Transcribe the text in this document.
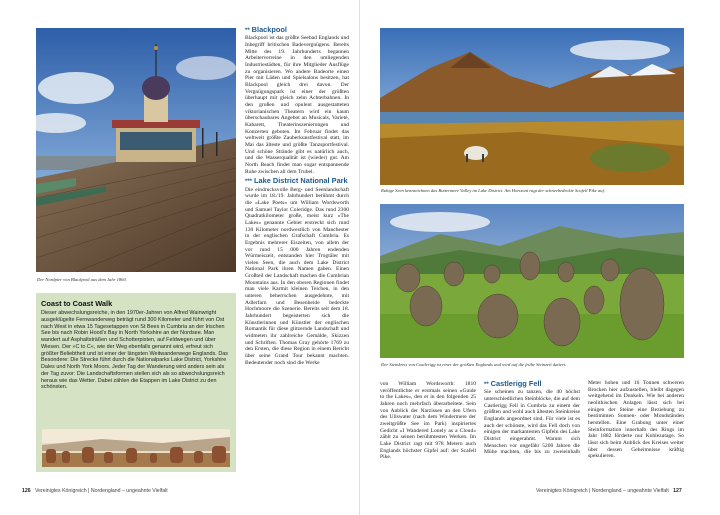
Der Nordpier von Blackpool aus dem Jahr 1860.
Coast to Coast Walk

Dieser abwechslungsreiche, in den 1970er-Jahren von Alfred Wainwright ausgeklügelte Fernwanderweg beträgt rund 300 Kilometer und führt von Ost nach West in etwa 15 Tagesetappen von St Bees in Cumbria an der Irischen See bis nach Robin Hood's Bay in North Yorkshire an der Nordsee. Man wandert auf Asphaltsträßen und Schotterpisten, auf Feldwegen und über Wiesen. Der »C to C«, wie der Weg ebenfalls genannt wird, erfreut sich größter Beliebtheit und ist einer der längsten Weitwanderwege Englands. Das Besondere: Die Strecke führt durch die Nationalparks Lake District, Yorkshire Dales und North York Moors. Jeder Tag der Wanderung wird anders sein als der Tag zuvor: Die Landschaftsformen stellen sich als so abwechslungsreich heraus wie das Wetter. Dabei zählen die Etappen im Lake District zu den schönsten.

** Blackpool

Blackpool ist das größte Seebad Englands und Inbegriff britischen Badevergnügens. Bereits Mitte des 19. Jahrhunderts begannen Arbeiterverreine in den umliegenden Industriestädten, für ihre Mitglieder Ausflüge zu organisieren. Wo andere Badeorte einen Pier mit Läden und Spielsalons besitzen, hat Blackpool gleich drei davon. Der Vergnügungspark ist einer der größten überhaupt mit gleich zehn Achterbahnen. In den großen und opulent ausgestatteten viktorianischen Theatern wird ein kaum überschaubares Angebot an Musicals, Varieté, Kabarett, Theaterinszenierungen und Konzerten geboten. Im Februar findet das weltweit größte Zauberkunstfestival statt, im Mai das älteste und größte Tanzsportfestival. Und schöne Strände gibt es natürlich auch, und die Wasserqualität ist (wieder) gut. Am North Beach findet man sogar entspannende Ruhe zwischen all dem Trubel.

*** Lake District National Park

Die eindrucksvolle Berg- und Seenlandschaft wurde im 18./19. Jahrhundert berühmt durch die »Lake Poets« um William Wordsworth und Samuel Taylor Coleridge. Das rund 2300 Quadratkilometer große, meist kurz »The Lakes« genannte Gebiet erstreckt sich rund 130 Kilometer nordwestlich von Manchester in der englischen Grafschaft Cumbria. Es Ergebnis mehrerer Eiszeiten, von allem der vor rund 15 000 Jahren endenden Würmeiszeit, entstanden hier Trogtäler mit vielen Seen, die auch dem Lake District National Park ihren Namen gaben. Einen Großteil der Landschaft machen die Cumbrian Mountains aus. In den oberen Regionen findet man viele Karmit kleinen Teichen, in den unteren beherrschen ausgedehnte, mit Adlerfarn und Besenheide bedeckte Hochmoore die Szenerie. Bereits seit dem 18. Jahrhundert begeisterten sich die Künstlerinnen und Künstler der englischen Romantik für diese glitzernde Landschaft und widmeten ihr zahlreiche Gemälde, Skizzen und Schriften. Thomas Gray gehörte 1769 zu den Ersten, die diese Region in einem Bericht über seine Grand Tour bekannt machten. Bedeutender noch sind die Werke

126 Vereinigtes Königreich | Nordengland – ungeahnte Vielfalt
Ruhige Seen kennzeichnen das Buttermere Valley im Lake District. Am Horizont ragt der schneebedeckte Scafell Pike auf.
Der Steinkreis von Castlerigg ist einer der größten Englands und wird auf die frühe Steinzeit datiert.

von William Wordsworth: 1810 veröffentlichte er erstmals seinen »Guide to the Lakes«, den er in den folgenden 25 Jahren noch mehrfach überarbeitete. Sein von Anblick der Narzissen an den Ufern des Ullswater (nach dem Windermere der zweitgrößte See im Park) inspiriertes Gedicht »I Wandered Lonely as a Cloud« zählt zu seinen berühmtesten Werken. Im Lake District ragt mit 978 Metern auch Englands höchster Gipfel auf: der Scafell Pike.

** Castlerigg Fell

Sie scheinen zu tanzen, die 40 höchst unterschiedlichen Steinblöcke, die auf dem Castlerigg Fell in Cumbria zu einem der größten und wohl auch ältesten Steinkreise Englands angeordnet sind. Für viele ist es auch der schönste, wird das Fell doch von einigen der markantesten Gipfeln des Lake District eingerahmt. Warum sich Menschen vor ungefähr 5200 Jahren die Mühe machten, die bis zu zweieinhalb Meter hohen und 16 Tonnen schweren Brocken hier aufzustellen, bleibt dagegen weitgehend im Dunkeln. Wie bei anderen neolithischen Anlagen lässt sich bei einigen der Steine eine Beziehung zu bestimmten Sonnen- oder Mondständen herstellen. Eine Grabung unter einer Steinformation innerhalb des Rings im Jahr 1882 förderte nur Kohlezutage. So lässt sich beim Anblick des Kreises weiter über dessen Geheimnisse kräftig spekulieren.

Vereinigtes Königreich | Nordengland – ungeahnte Vielfalt 127
